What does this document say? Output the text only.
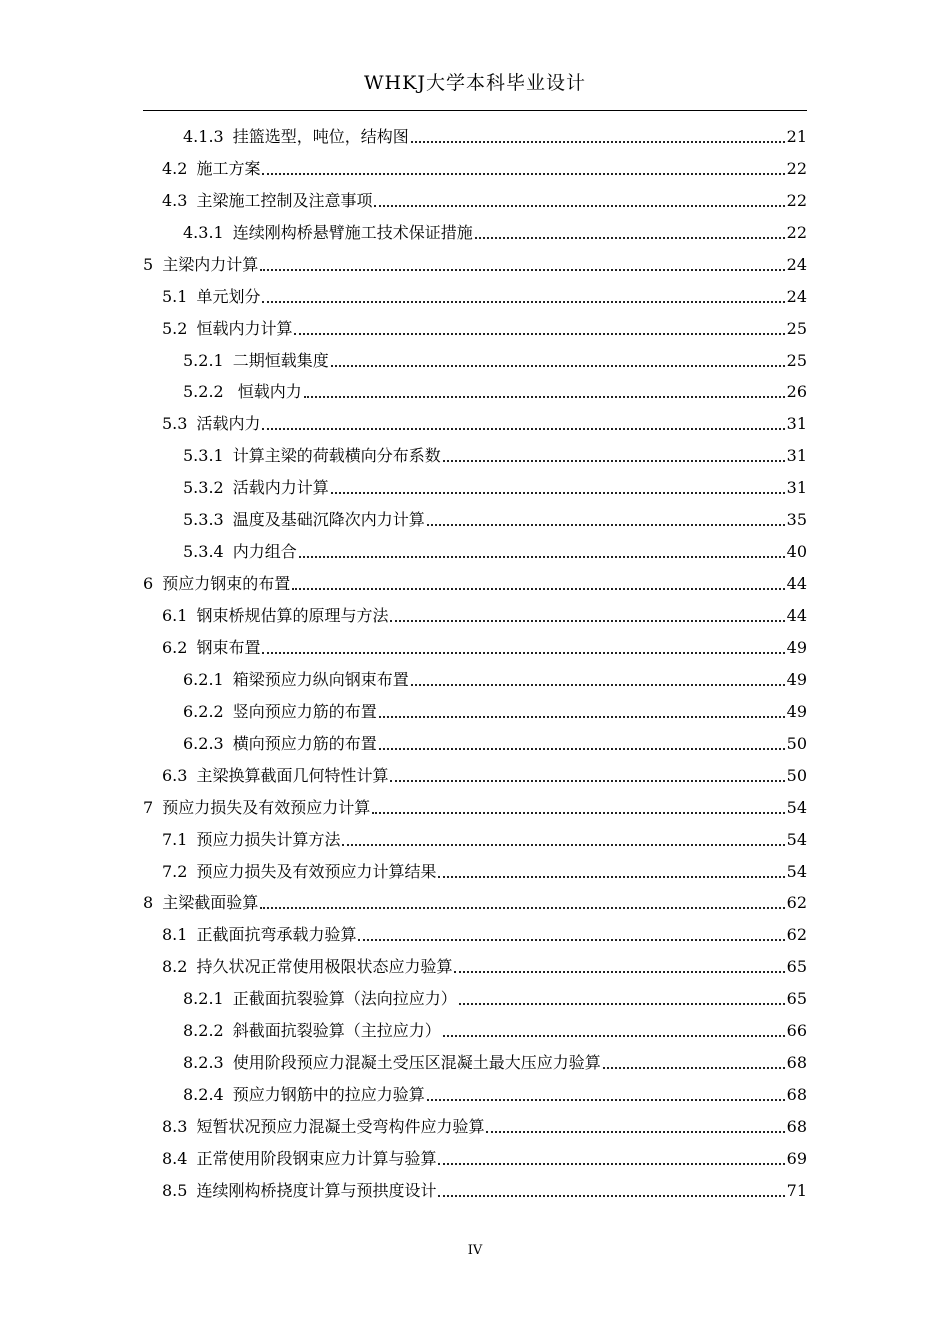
WHKJ大学本科毕业设计
4.1.3 挂篮选型，吨位，结构图	21
4.2 施工方案	22
4.3 主梁施工控制及注意事项	22
4.3.1 连续刚构桥悬臂施工技术保证措施	22
5 主梁内力计算	24
5.1 单元划分	24
5.2 恒载内力计算	25
5.2.1 二期恒载集度	25
5.2.2 恒载内力	26
5.3 活载内力	31
5.3.1 计算主梁的荷载横向分布系数	31
5.3.2 活载内力计算	31
5.3.3 温度及基础沉降次内力计算	35
5.3.4 内力组合	40
6 预应力钢束的布置	44
6.1 钢束桥规估算的原理与方法	44
6.2 钢束布置	49
6.2.1 箱梁预应力纵向钢束布置	49
6.2.2 竖向预应力筋的布置	49
6.2.3 横向预应力筋的布置	50
6.3 主梁换算截面几何特性计算	50
7 预应力损失及有效预应力计算	54
7.1 预应力损失计算方法	54
7.2 预应力损失及有效预应力计算结果	54
8 主梁截面验算	62
8.1 正截面抗弯承载力验算	62
8.2 持久状况正常使用极限状态应力验算	65
8.2.1 正截面抗裂验算（法向拉应力）	65
8.2.2 斜截面抗裂验算（主拉应力）	66
8.2.3 使用阶段预应力混凝土受压区混凝土最大压应力验算	68
8.2.4 预应力钢筋中的拉应力验算	68
8.3 短暂状况预应力混凝土受弯构件应力验算	68
8.4 正常使用阶段钢束应力计算与验算	69
8.5 连续刚构桥挠度计算与预拱度设计	71
IV
